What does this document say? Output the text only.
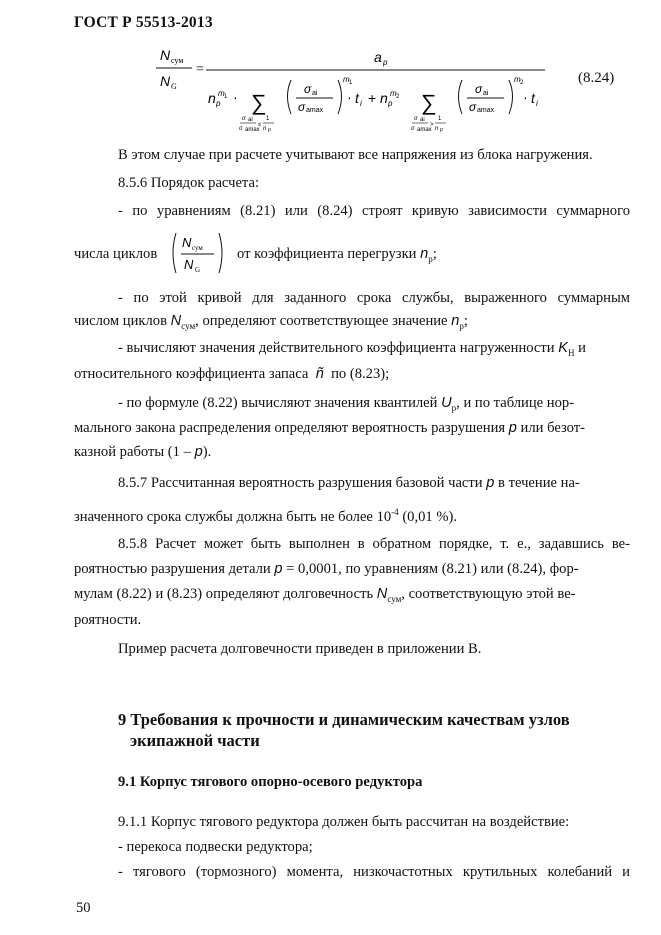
ГОСТ Р 55513-2013
N сум
N G
=
a p
n p
m 1 · ∑
σ ai
σ amax
≤
1
n p
σ ai
σ amax
m 1
· t i + n p
m 2 ∑
σ ai
σ amax
>
1
n p
σ ai
σ amax
m 2
· t i
(8.24)
В этом случае при расчете учитывают все напряжения из блока нагружения.
8.5.6 Порядок расчета:
- по уравнениям (8.21) или (8.24) строят кривую зависимости суммарного
числа циклов
N сум
N G
от коэффициента перегрузки $n_p$;
- по этой кривой для заданного срока службы, выраженного суммарным
числом циклов $N_{сум}$, определяют соответствующее значение $n_p$;
- вычисляют значения действительного коэффициента нагруженности $K_Н$ и
относительного коэффициента запаса ñ по (8.23);
- по формуле (8.22) вычисляют значения квантилей $U_p$, и по таблице нор-
мального закона распределения определяют вероятность разрушения p или безот-
казной работы (1 – p).
8.5.7 Рассчитанная вероятность разрушения базовой части p в течение на-
значенного срока службы должна быть не более $10^{-4}$ (0,01 %).
8.5.8 Расчет может быть выполнен в обратном порядке, т. е., задавшись ве-
роятностью разрушения детали p = 0,0001, по уравнениям (8.21) или (8.24), фор-
мулам (8.22) и (8.23) определяют долговечность $N_{сум}$, соответствующую этой ве-
роятности.
Пример расчета долговечности приведен в приложении В.
9 Требования к прочности и динамическим качествам узлов
экипажной части
9.1 Корпус тягового опорно-осевого редуктора
9.1.1 Корпус тягового редуктора должен быть рассчитан на воздействие:
- перекоса подвески редуктора;
- тягового (тормозного) момента, низкочастотных крутильных колебаний и
50
